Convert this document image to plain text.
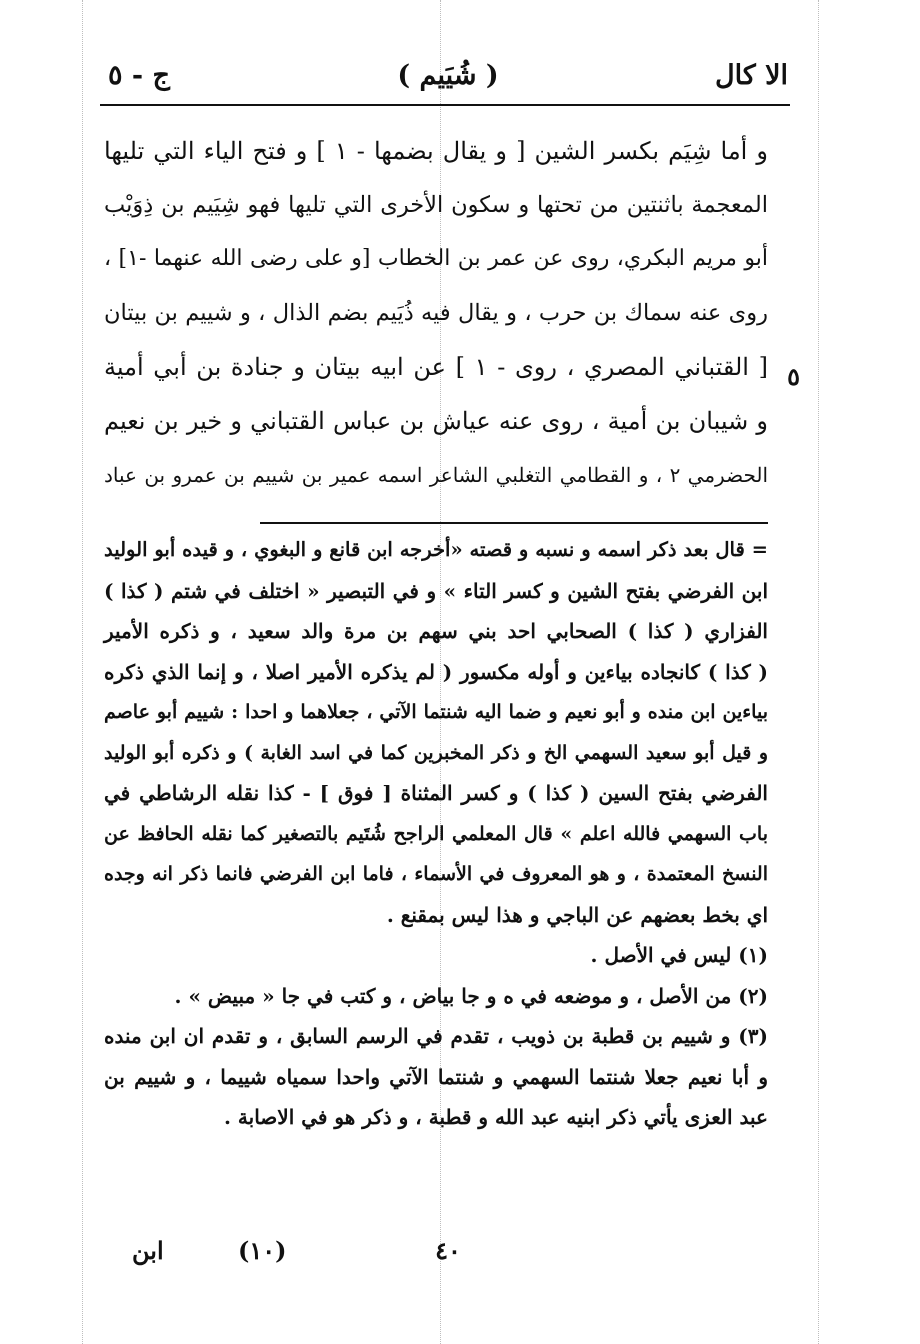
الا كال
( شُيَيم )
ج - ٥
و أما شِيَم بكسر الشين [ و يقال بضمها - ١ ] و فتح الياء التي تليها
المعجمة باثنتين من تحتها و سكون الأخرى التي تليها فهو شِيَيم بن ذِوَيْب
أبو مريم البكري، روى عن عمر بن الخطاب [و على رضى الله عنهما -١] ،
روى عنه سماك بن حرب ، و يقال فيه ذُيَيم بضم الذال ، و شييم بن بيتان
[ القتباني المصري ، روى - ١ ] عن ابيه بيتان و جنادة بن أبي أمية
و شيبان بن أمية ، روى عنه عياش بن عباس القتباني و خير بن نعيم
الحضرمي ٢ ، و القطامي التغلبي الشاعر اسمه عمير بن شييم بن عمرو بن عباد
٥
= قال بعد ذكر اسمه و نسبه و قصته «أخرجه ابن قانع و البغوي ، و قيده أبو الوليد
ابن الفرضي بفتح الشين و كسر التاء » و في التبصير « اختلف في شتم ( كذا )
الفزاري ( كذا ) الصحابي احد بني سهم بن مرة والد سعيد ، و ذكره الأمير
( كذا ) كانجاده بياءين و أوله مكسور ( لم يذكره الأمير اصلا ، و إنما الذي ذكره
بياءين ابن منده و أبو نعيم و ضما اليه شنتما الآتي ، جعلاهما و احدا : شييم أبو عاصم
و قيل أبو سعيد السهمي الخ و ذكر المخبرين كما في اسد الغابة ) و ذكره أبو الوليد
الفرضي بفتح السين ( كذا ) و كسر المثناة [ فوق ] - كذا نقله الرشاطي في
باب السهمي فالله اعلم » قال المعلمي الراجح شُتَيم بالتصغير كما نقله الحافظ عن
النسخ المعتمدة ، و هو المعروف في الأسماء ، فاما ابن الفرضي فانما ذكر انه وجده
اي بخط بعضهم عن الباجي و هذا ليس بمقنع .
(١) ليس في الأصل .
(٢) من الأصل ، و موضعه في ه و جا بياض ، و كتب في جا « مبيض » .
(٣) و شييم بن قطبة بن ذويب ، تقدم في الرسم السابق ، و تقدم ان ابن منده
و أبا نعيم جعلا شنتما السهمي و شنتما الآتي واحدا سمياه شييما ، و شييم بن
عبد العزى يأتي ذكر ابنيه عبد الله و قطبة ، و ذكر هو في الاصابة .
ابن	(١٠)	٤٠
